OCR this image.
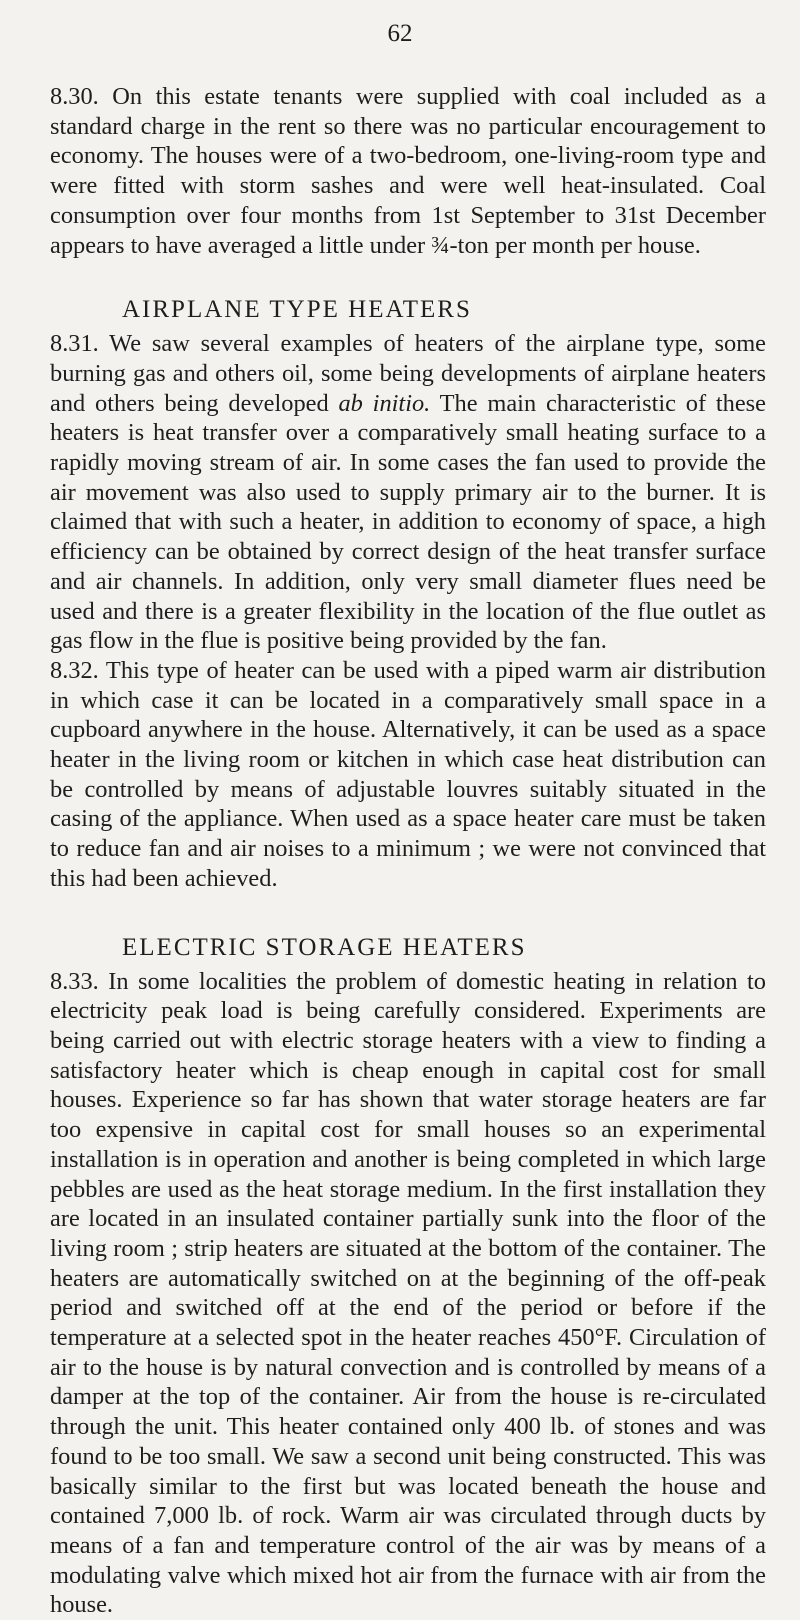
62

8.30. On this estate tenants were supplied with coal included as a standard charge in the rent so there was no particular encouragement to economy. The houses were of a two-bedroom, one-living-room type and were fitted with storm sashes and were well heat-insulated. Coal consumption over four months from 1st September to 31st December appears to have averaged a little under ¾-ton per month per house.

AIRPLANE TYPE HEATERS

8.31. We saw several examples of heaters of the airplane type, some burning gas and others oil, some being developments of airplane heaters and others being developed ab initio. The main characteristic of these heaters is heat transfer over a comparatively small heating surface to a rapidly moving stream of air. In some cases the fan used to provide the air movement was also used to supply primary air to the burner. It is claimed that with such a heater, in addition to economy of space, a high efficiency can be obtained by correct design of the heat transfer surface and air channels. In addition, only very small diameter flues need be used and there is a greater flexibility in the location of the flue outlet as gas flow in the flue is positive being provided by the fan.

8.32. This type of heater can be used with a piped warm air distribution in which case it can be located in a comparatively small space in a cupboard anywhere in the house. Alternatively, it can be used as a space heater in the living room or kitchen in which case heat distribution can be controlled by means of adjustable louvres suitably situated in the casing of the appliance. When used as a space heater care must be taken to reduce fan and air noises to a minimum ; we were not convinced that this had been achieved.

ELECTRIC STORAGE HEATERS

8.33. In some localities the problem of domestic heating in relation to electricity peak load is being carefully considered. Experiments are being carried out with electric storage heaters with a view to finding a satisfactory heater which is cheap enough in capital cost for small houses. Experience so far has shown that water storage heaters are far too expensive in capital cost for small houses so an experimental installation is in operation and another is being completed in which large pebbles are used as the heat storage medium. In the first installation they are located in an insulated container partially sunk into the floor of the living room ; strip heaters are situated at the bottom of the container. The heaters are automatically switched on at the beginning of the off-peak period and switched off at the end of the period or before if the temperature at a selected spot in the heater reaches 450°F. Circulation of air to the house is by natural convection and is controlled by means of a damper at the top of the container. Air from the house is re-circulated through the unit. This heater contained only 400 lb. of stones and was found to be too small. We saw a second unit being constructed. This was basically similar to the first but was located beneath the house and contained 7,000 lb. of rock. Warm air was circulated through ducts by means of a fan and temperature control of the air was by means of a modulating valve which mixed hot air from the furnace with air from the house.
